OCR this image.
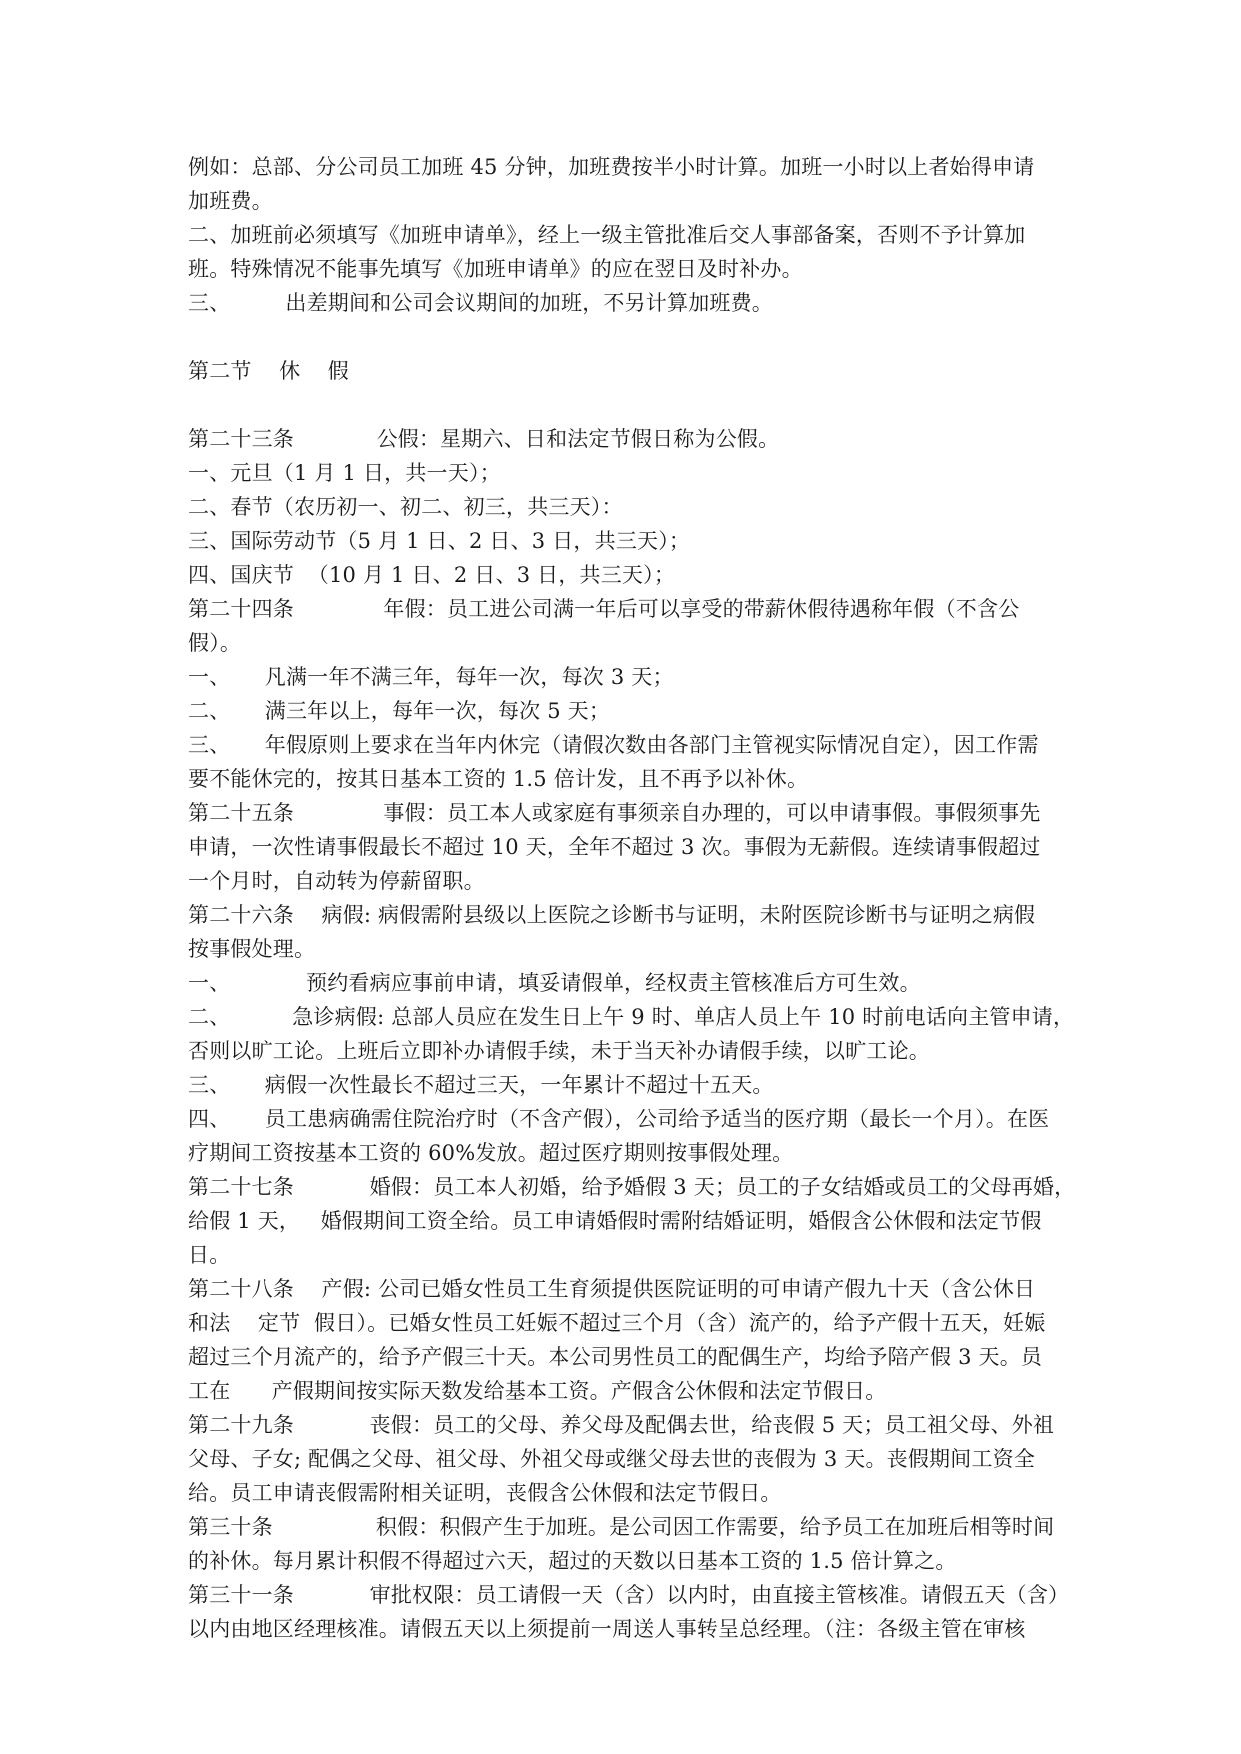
例如：总部、分公司员工加班 45 分钟，加班费按半小时计算。加班一小时以上者始得申请
加班费。
二、加班前必须填写《加班申请单》，经上一级主管批准后交人事部备案，否则不予计算加
班。特殊情况不能事先填写《加班申请单》的应在翌日及时补办。
三、        出差期间和公司会议期间的加班，不另计算加班费。
第二节    休    假
第二十三条            公假：星期六、日和法定节假日称为公假。
一、元旦（1 月 1 日，共一天）；
二、春节（农历初一、初二、初三，共三天）：
三、国际劳动节（5 月 1 日、2 日、3 日，共三天）；
四、国庆节  （10 月 1 日、2 日、3 日，共三天）；
第二十四条             年假：员工进公司满一年后可以享受的带薪休假待遇称年假（不含公
假）。
一、     凡满一年不满三年，每年一次，每次 3 天；
二、     满三年以上，每年一次，每次 5 天；
三、     年假原则上要求在当年内休完（请假次数由各部门主管视实际情况自定），因工作需
要不能休完的，按其日基本工资的 1.5 倍计发，且不再予以补休。
第二十五条             事假：员工本人或家庭有事须亲自办理的，可以申请事假。事假须事先
申请，一次性请事假最长不超过 10 天，全年不超过 3 次。事假为无薪假。连续请事假超过
一个月时，自动转为停薪留职。
第二十六条    病假: 病假需附县级以上医院之诊断书与证明，未附医院诊断书与证明之病假
按事假处理。
一、           预约看病应事前申请，填妥请假单，经权责主管核准后方可生效。
二、         急诊病假: 总部人员应在发生日上午 9 时、单店人员上午 10 时前电话向主管申请，
否则以旷工论。上班后立即补办请假手续，未于当天补办请假手续，以旷工论。
三、     病假一次性最长不超过三天，一年累计不超过十五天。
四、     员工患病确需住院治疗时（不含产假），公司给予适当的医疗期（最长一个月）。在医
疗期间工资按基本工资的 60%发放。超过医疗期则按事假处理。
第二十七条           婚假：员工本人初婚，给予婚假 3 天；员工的子女结婚或员工的父母再婚，
给假 1 天，   婚假期间工资全给。员工申请婚假时需附结婚证明，婚假含公休假和法定节假
日。
第二十八条    产假: 公司已婚女性员工生育须提供医院证明的可申请产假九十天（含公休日
和法    定节  假日）。已婚女性员工妊娠不超过三个月（含）流产的，给予产假十五天，妊娠
超过三个月流产的，给予产假三十天。本公司男性员工的配偶生产，均给予陪产假 3 天。员
工在      产假期间按实际天数发给基本工资。产假含公休假和法定节假日。
第二十九条           丧假：员工的父母、养父母及配偶去世，给丧假 5 天；员工祖父母、外祖
父母、子女; 配偶之父母、祖父母、外祖父母或继父母去世的丧假为 3 天。丧假期间工资全
给。员工申请丧假需附相关证明，丧假含公休假和法定节假日。
第三十条               积假：积假产生于加班。是公司因工作需要，给予员工在加班后相等时间
的补休。每月累计积假不得超过六天，超过的天数以日基本工资的 1.5 倍计算之。
第三十一条           审批权限：员工请假一天（含）以内时，由直接主管核准。请假五天（含）
以内由地区经理核准。请假五天以上须提前一周送人事转呈总经理。（注：各级主管在审核
